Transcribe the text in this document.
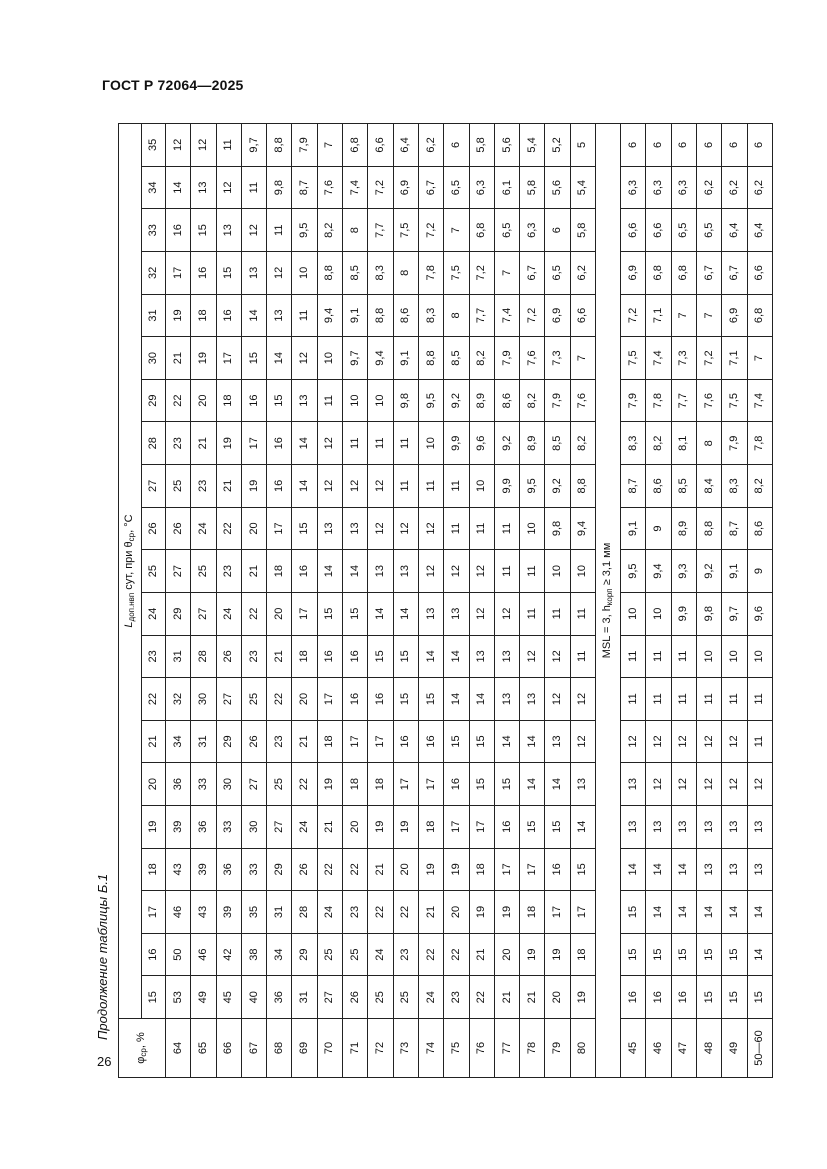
ГОСТ Р 72064—2025
Продолжение таблицы Б.1
26 $\varphi_{ср}$, %	$L_{доп.нвп}$ сут, при $\theta_{ср}$, °C																				
	15	16	17	18	19	20	21	22	23	24	25	26	27	28	29	30	31	32	33	34	35
64	53	50	46	43	39	36	34	32	31	29	27	26	25	23	22	21	19	17	16	14	12
65	49	46	43	39	36	33	31	30	28	27	25	24	23	21	20	19	18	16	15	13	12
66	45	42	39	36	33	30	29	27	26	24	23	22	21	19	18	17	16	15	13	12	11
67	40	38	35	33	30	27	26	25	23	22	21	20	19	17	16	15	14	13	12	11	9,7
68	36	34	31	29	27	25	23	22	21	20	18	17	16	16	15	14	13	12	11	9,8	8,8
69	31	29	28	26	24	22	21	20	18	17	16	15	14	14	13	12	11	10	9,5	8,7	7,9
70	27	25	24	22	21	19	18	17	16	15	14	13	12	12	11	10	9,4	8,8	8,2	7,6	7
71	26	25	23	22	20	18	17	16	16	15	14	13	12	11	10	9,7	9,1	8,5	8	7,4	6,8
72	25	24	22	21	19	18	17	16	15	14	13	12	12	11	10	9,4	8,8	8,3	7,7	7,2	6,6
73	25	23	22	20	19	17	16	15	15	14	13	12	11	11	9,8	9,1	8,6	8	7,5	6,9	6,4
74	24	22	21	19	18	17	16	15	14	13	12	12	11	10	9,5	8,8	8,3	7,8	7,2	6,7	6,2
75	23	22	20	19	17	16	15	14	14	13	12	11	11	9,9	9,2	8,5	8	7,5	7	6,5	6
76	22	21	19	18	17	15	15	14	13	12	12	11	10	9,6	8,9	8,2	7,7	7,2	6,8	6,3	5,8
77	21	20	19	17	16	15	14	13	13	12	11	11	9,9	9,2	8,6	7,9	7,4	7	6,5	6,1	5,6
78	21	19	18	17	15	14	14	13	12	11	11	10	9,5	8,9	8,2	7,6	7,2	6,7	6,3	5,8	5,4
79	20	19	17	16	15	14	13	12	12	11	10	9,8	9,2	8,5	7,9	7,3	6,9	6,5	6	5,6	5,2
80	19	18	17	15	14	13	12	12	11	11	10	9,4	8,8	8,2	7,6	7	6,6	6,2	5,8	5,4	5
MSL = 3, $h_{корп} \ge 3,1$ мм																					
45	16	15	15	14	13	13	12	11	11	10	9,5	9,1	8,7	8,3	7,9	7,5	7,2	6,9	6,6	6,3	6
46	16	15	14	14	13	12	12	11	11	10	9,4	9	8,6	8,2	7,8	7,4	7,1	6,8	6,6	6,3	6
47	16	15	14	14	13	12	12	11	11	9,9	9,3	8,9	8,5	8,1	7,7	7,3	7	6,8	6,5	6,3	6
48	15	15	14	13	13	12	12	11	10	9,8	9,2	8,8	8,4	8	7,6	7,2	7	6,7	6,5	6,2	6
49	15	15	14	13	13	12	12	11	10	9,7	9,1	8,7	8,3	7,9	7,5	7,1	6,9	6,7	6,4	6,2	6
50—60	15	14	14	13	13	12	11	11	10	9,6	9	8,6	8,2	7,8	7,4	7	6,8	6,6	6,4	6,2	6
